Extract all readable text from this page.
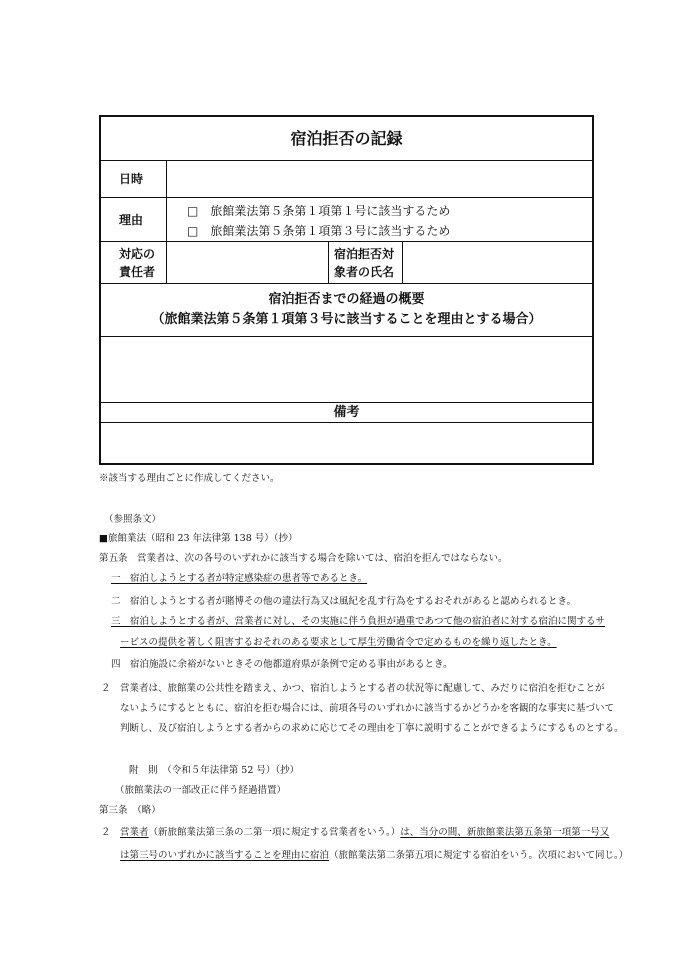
宿泊拒否の記録
日時
理由
□　旅館業法第５条第１項第１号に該当するため
□　旅館業法第５条第１項第３号に該当するため
対応の
責任者
宿泊拒否対
象者の氏名
宿泊拒否までの経過の概要
（旅館業法第５条第１項第３号に該当することを理由とする場合）
備考
※該当する理由ごとに作成してください。
（参照条文）
■旅館業法（昭和 23 年法律第 138 号）（抄）
第五条　営業者は、次の各号のいずれかに該当する場合を除いては、宿泊を拒んではならない。
一　宿泊しようとする者が特定感染症の患者等であるとき。
二　宿泊しようとする者が賭博その他の違法行為又は風紀を乱す行為をするおそれがあると認められるとき。
三　宿泊しようとする者が、営業者に対し、その実施に伴う負担が過重であつて他の宿泊者に対する宿泊に関するサ
ービスの提供を著しく阻害するおそれのある要求として厚生労働省令で定めるものを繰り返したとき。
四　宿泊施設に余裕がないときその他都道府県が条例で定める事由があるとき。
２　営業者は、旅館業の公共性を踏まえ、かつ、宿泊しようとする者の状況等に配慮して、みだりに宿泊を拒むことが
ないようにするとともに、宿泊を拒む場合には、前項各号のいずれかに該当するかどうかを客観的な事実に基づいて
判断し、及び宿泊しようとする者からの求めに応じてその理由を丁寧に説明することができるようにするものとする。
附　則　（令和５年法律第 52 号）（抄）
（旅館業法の一部改正に伴う経過措置）
第三条　（略）
２　営業者（新旅館業法第三条の二第一項に規定する営業者をいう。）は、当分の間、新旅館業法第五条第一項第一号又
は第三号のいずれかに該当することを理由に宿泊（旅館業法第二条第五項に規定する宿泊をいう。次項において同じ。）
